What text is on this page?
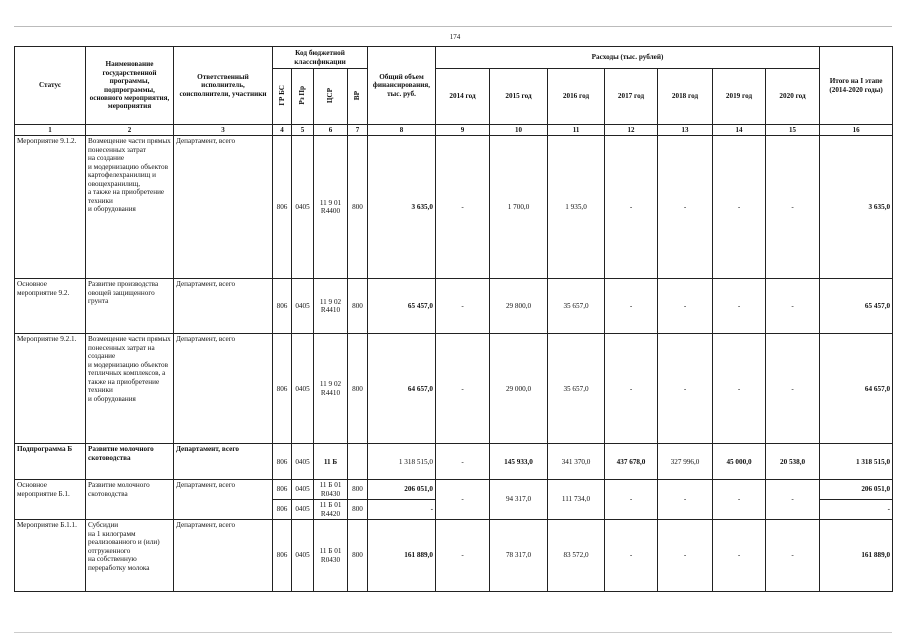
174
Статус	Наименование государственной программы, подпрограммы, основного мероприятия, мероприятия	Ответственный исполнитель, соисполнители, участники	Код бюджетной классификации				Общий объем финансирования, тыс. руб.	Расходы (тыс. рублей)							Итого на I этапе (2014-2020 годы)
			ГР БС	Рз Пр	ЦСР	ВР		2014 год	2015 год	2016 год	2017 год	2018 год	2019 год	2020 год	
1	2	3	4	5	6	7	8	9	10	11	12	13	14	15	16
Мероприятие 9.1.2.	Возмещение части прямых понесенных затрат
на создание
и модернизацию объектов картофелехранилищ и овощехранилищ,
а также на приобретение техники
и оборудования	Департамент, всего	806	0405	11 9 01 R4400	800	3 635,0	-	1 700,0	1 935,0	-	-	-	-	3 635,0
Основное мероприятие 9.2.	Развитие производства овощей защищенного грунта	Департамент, всего	806	0405	11 9 02 R4410	800	65 457,0	-	29 800,0	35 657,0	-	-	-	-	65 457,0
Мероприятие 9.2.1.	Возмещение части прямых понесенных затрат на создание
и модернизацию объектов тепличных комплексов, а также на приобретение техники
и оборудования	Департамент, всего	806	0405	11 9 02 R4410	800	64 657,0	-	29 000,0	35 657,0	-	-	-	-	64 657,0
Подпрограмма Б	Развитие молочного скотоводства	Департамент, всего	806	0405	11 Б		1 318 515,0	-	145 933,0	341 370,0	437 678,0	327 996,0	45 000,0	20 538,0	1 318 515,0
Основное мероприятие Б.1.	Развитие молочного скотоводства	Департамент, всего	806	0405	11 Б 01 R0430	800	206 051,0	-	94 317,0	111 734,0	-	-	-	-	206 051,0
			806	0405	11 Б 01 R4420	800	-								-
Мероприятие Б.1.1.	Субсидии
на 1 килограмм реализованного и (или) отгруженного
на собственную переработку молока	Департамент, всего	806	0405	11 Б 01 R0430	800	161 889,0	-	78 317,0	83 572,0	-	-	-	-	161 889,0
